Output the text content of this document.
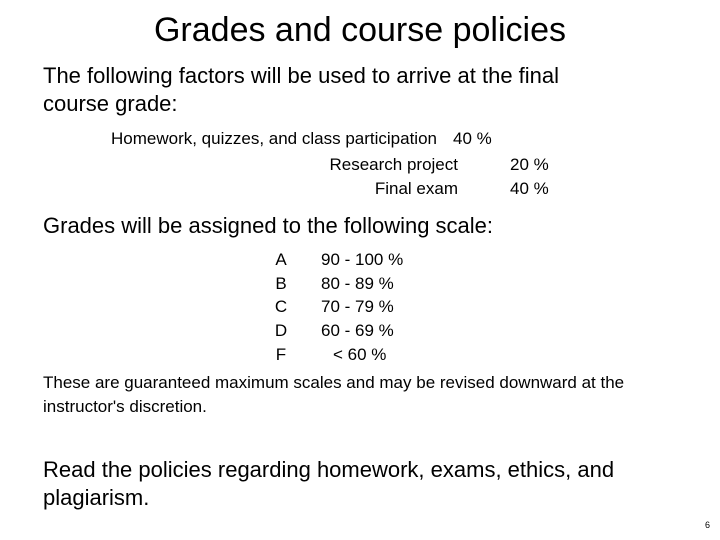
Grades and course policies
The following factors will be used to arrive at the final
course grade:
Homework, quizzes, and class participation 40 %
Research project	20 %
Final exam	40 %
Grades will be assigned to the following scale:
A 90 - 100 %
B 80 - 89 %
C 70 - 79 %
D 60 - 69 %
F	< 60 %
These are guaranteed maximum scales and may be revised downward at the
instructor's discretion.
Read the policies regarding homework, exams, ethics, and
plagiarism.
6
